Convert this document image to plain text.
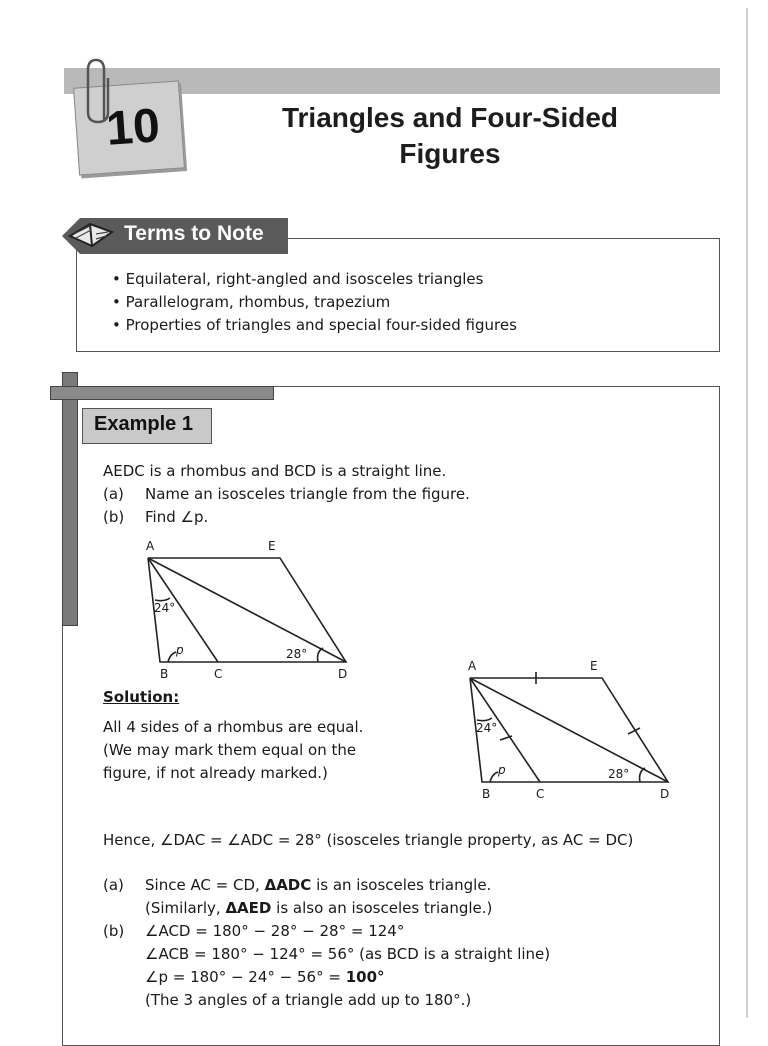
10	Triangles and Four-Sided
Figures
Terms to Note
• Equilateral, right-angled and isosceles triangles
• Parallelogram, rhombus, trapezium
• Properties of triangles and special four-sided figures
Example 1
AEDC is a rhombus and BCD is a straight line.
(a) Name an isosceles triangle from the figure.
(b) Find ∠p.
A	E
B	C	D
24°
p	28°
Solution:
All 4 sides of a rhombus are equal.
(We may mark them equal on the
figure, if not already marked.)
A	E
B	C	D
24°
p	28°
Hence, ∠DAC = ∠ADC = 28° (isosceles triangle property, as AC = DC)
(a) Since AC = CD, ΔADC is an isosceles triangle.
(Similarly, ΔAED is also an isosceles triangle.)
(b) ∠ACD = 180° − 28° − 28° = 124°
∠ACB = 180° − 124° = 56° (as BCD is a straight line)
∠p = 180° − 24° − 56° = 100°
(The 3 angles of a triangle add up to 180°.)
